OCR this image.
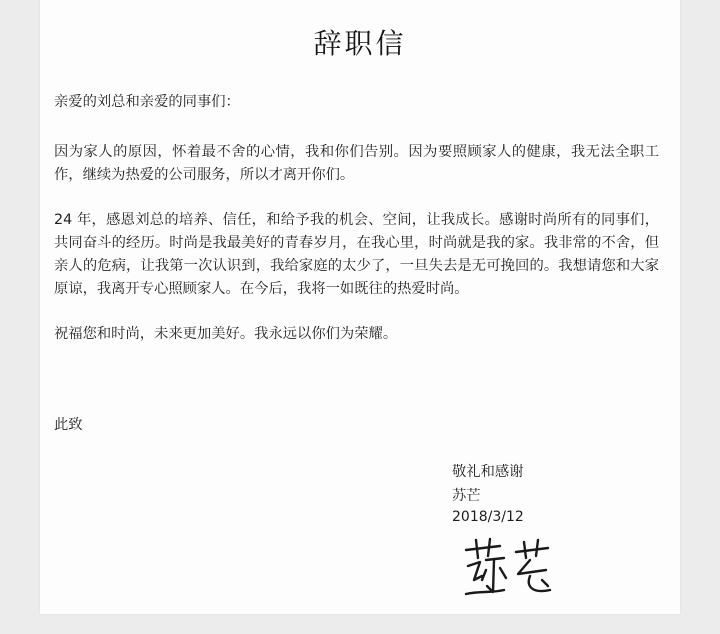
辞职信

亲爱的刘总和亲爱的同事们：

因为家人的原因，怀着最不舍的心情，我和你们告别。因为要照顾家人的健康，我无法全职工作，继续为热爱的公司服务，所以才离开你们。

24 年，感恩刘总的培养、信任，和给予我的机会、空间，让我成长。感谢时尚所有的同事们，共同奋斗的经历。时尚是我最美好的青春岁月，在我心里，时尚就是我的家。我非常的不舍，但亲人的危病，让我第一次认识到，我给家庭的太少了，一旦失去是无可挽回的。我想请您和大家原谅，我离开专心照顾家人。在今后，我将一如既往的热爱时尚。

祝福您和时尚，未来更加美好。我永远以你们为荣耀。

此致

敬礼和感谢

苏芒

2018/3/12
